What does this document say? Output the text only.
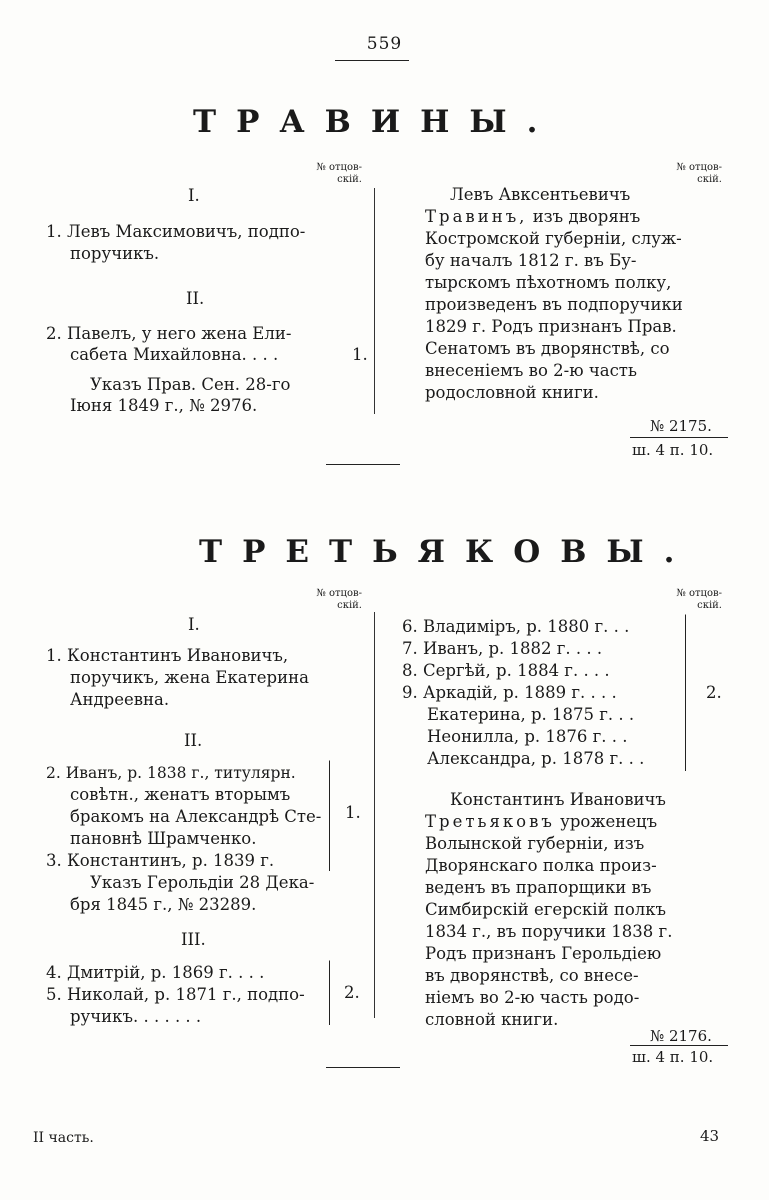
559
ТРАВИНЫ.
№ отцов-
скій.
№ отцов-
скій.
I.
1. Левъ Максимовичъ, подпо-
поручикъ.
II.
2. Павелъ, у него жена Ели-
сабета Михайловна. . . .	1.
Указъ Прав. Сен. 28-го
Іюня 1849 г., № 2976.
Левъ Авксентьевичъ
Травинъ, изъ дворянъ
Костромской губерніи, служ-
бу началъ 1812 г. въ Бу-
тырскомъ пѣхотномъ полку,
произведенъ въ подпоручики
1829 г. Родъ признанъ Прав.
Сенатомъ въ дворянствѣ, со
внесеніемъ во 2-ю часть
родословной книги.
№ 2175.
ш. 4 п. 10.
ТРЕТЬЯКОВЫ.
№ отцов-
скій.
№ отцов-
скій.
I.
1. Константинъ Ивановичъ,
поручикъ, жена Екатерина
Андреевна.
II.
2. Иванъ, р. 1838 г., титулярн.
совѣтн., женатъ вторымъ
бракомъ на Александрѣ Сте-
пановнѣ Шрамченко.
3. Константинъ, р. 1839 г.
1.
Указъ Герольдіи 28 Дека-
бря 1845 г., № 23289.
III.
4. Дмитрій, р. 1869 г. . . .
5. Николай, р. 1871 г., подпо-
ручикъ. . . . . . .
2.
6. Владиміръ, р. 1880 г. . .
7. Иванъ, р. 1882 г. . . .
8. Сергѣй, р. 1884 г. . . .
9. Аркадій, р. 1889 г. . . .
Екатерина, р. 1875 г. . .
Неонилла, р. 1876 г. . .
Александра, р. 1878 г. . .
2.
Константинъ Ивановичъ
Третьяковъ уроженецъ
Волынской губерніи, изъ
Дворянскаго полка произ-
веденъ въ прапорщики въ
Симбирскій егерскій полкъ
1834 г., въ поручики 1838 г.
Родъ признанъ Герольдіею
въ дворянствѣ, со внесе-
ніемъ во 2-ю часть родо-
словной книги.
№ 2176.
ш. 4 п. 10.
II часть.	43
